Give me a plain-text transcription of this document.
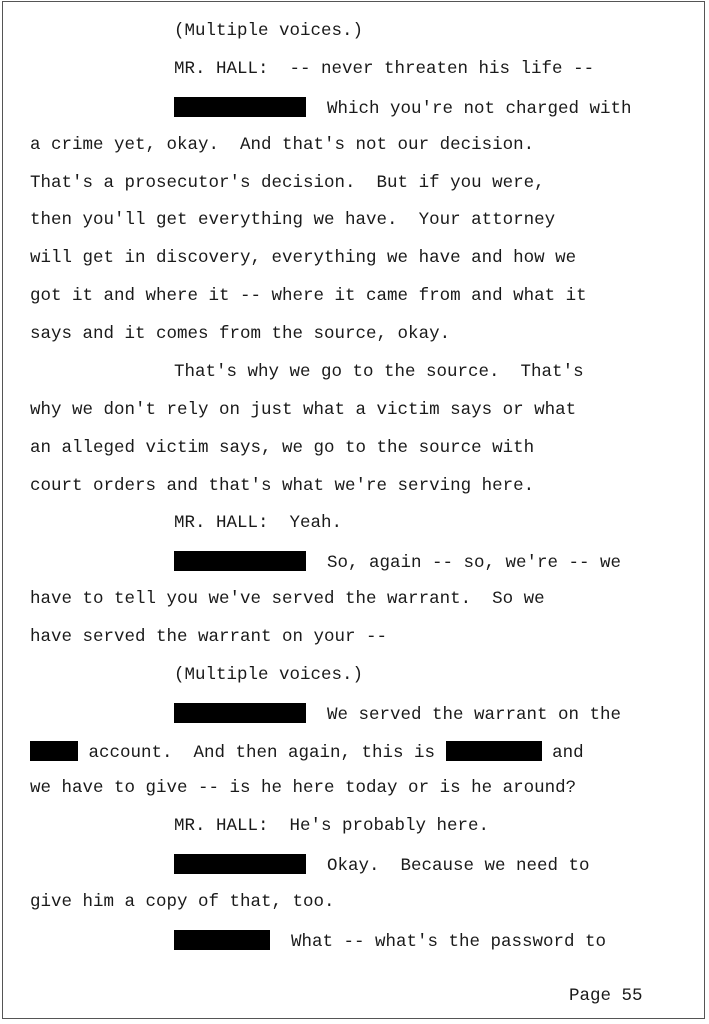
(Multiple voices.)
MR. HALL:  -- never threaten his life --
Which you're not charged with
a crime yet, okay.  And that's not our decision.
That's a prosecutor's decision.  But if you were,
then you'll get everything we have.  Your attorney
will get in discovery, everything we have and how we
got it and where it -- where it came from and what it
says and it comes from the source, okay.
That's why we go to the source.  That's
why we don't rely on just what a victim says or what
an alleged victim says, we go to the source with
court orders and that's what we're serving here.
MR. HALL:  Yeah.
So, again -- so, we're -- we
have to tell you we've served the warrant.  So we
have served the warrant on your --
(Multiple voices.)
We served the warrant on the
account.  And then again, this is	and
we have to give -- is he here today or is he around?
MR. HALL:  He's probably here.
Okay.  Because we need to
give him a copy of that, too.
What -- what's the password to
Page 55
